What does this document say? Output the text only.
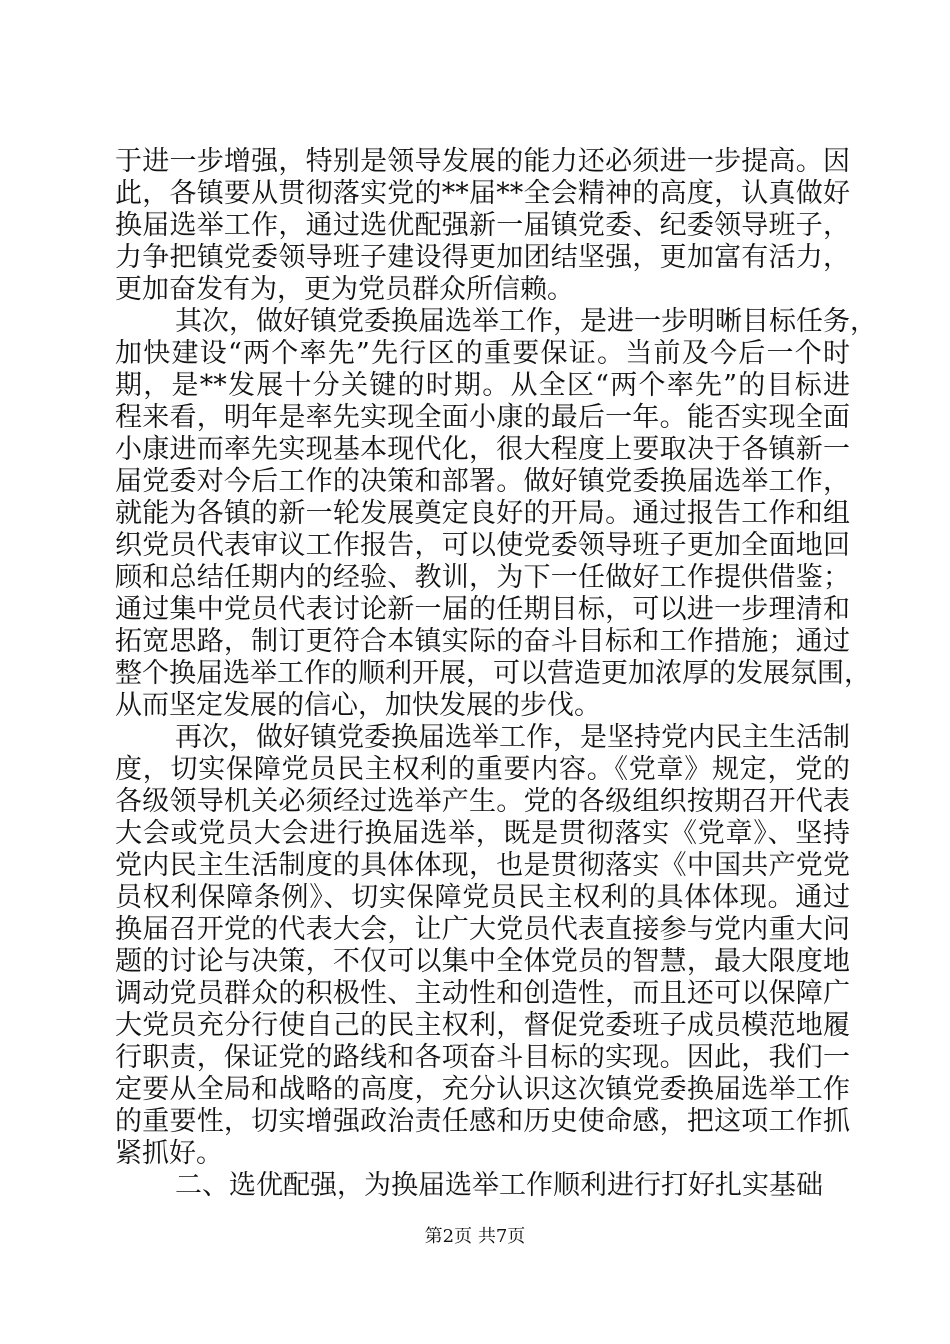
于进一步增强，特别是领导发展的能力还必须进一步提高。因
此，各镇要从贯彻落实党的**届**全会精神的高度，认真做好
换届选举工作，通过选优配强新一届镇党委、纪委领导班子，
力争把镇党委领导班子建设得更加团结坚强，更加富有活力，
更加奋发有为，更为党员群众所信赖。
其次，做好镇党委换届选举工作，是进一步明晰目标任务，
加快建设“两个率先”先行区的重要保证。当前及今后一个时
期，是**发展十分关键的时期。从全区“两个率先”的目标进
程来看，明年是率先实现全面小康的最后一年。能否实现全面
小康进而率先实现基本现代化，很大程度上要取决于各镇新一
届党委对今后工作的决策和部署。做好镇党委换届选举工作，
就能为各镇的新一轮发展奠定良好的开局。通过报告工作和组
织党员代表审议工作报告，可以使党委领导班子更加全面地回
顾和总结任期内的经验、教训，为下一任做好工作提供借鉴；
通过集中党员代表讨论新一届的任期目标，可以进一步理清和
拓宽思路，制订更符合本镇实际的奋斗目标和工作措施；通过
整个换届选举工作的顺利开展，可以营造更加浓厚的发展氛围，
从而坚定发展的信心，加快发展的步伐。
再次，做好镇党委换届选举工作，是坚持党内民主生活制
度，切实保障党员民主权利的重要内容。《党章》规定，党的
各级领导机关必须经过选举产生。党的各级组织按期召开代表
大会或党员大会进行换届选举，既是贯彻落实《党章》、坚持
党内民主生活制度的具体体现，也是贯彻落实《中国共产党党
员权利保障条例》、切实保障党员民主权利的具体体现。通过
换届召开党的代表大会，让广大党员代表直接参与党内重大问
题的讨论与决策，不仅可以集中全体党员的智慧，最大限度地
调动党员群众的积极性、主动性和创造性，而且还可以保障广
大党员充分行使自己的民主权利，督促党委班子成员模范地履
行职责，保证党的路线和各项奋斗目标的实现。因此，我们一
定要从全局和战略的高度，充分认识这次镇党委换届选举工作
的重要性，切实增强政治责任感和历史使命感，把这项工作抓
紧抓好。
二、选优配强，为换届选举工作顺利进行打好扎实基础
第2页 共7页
